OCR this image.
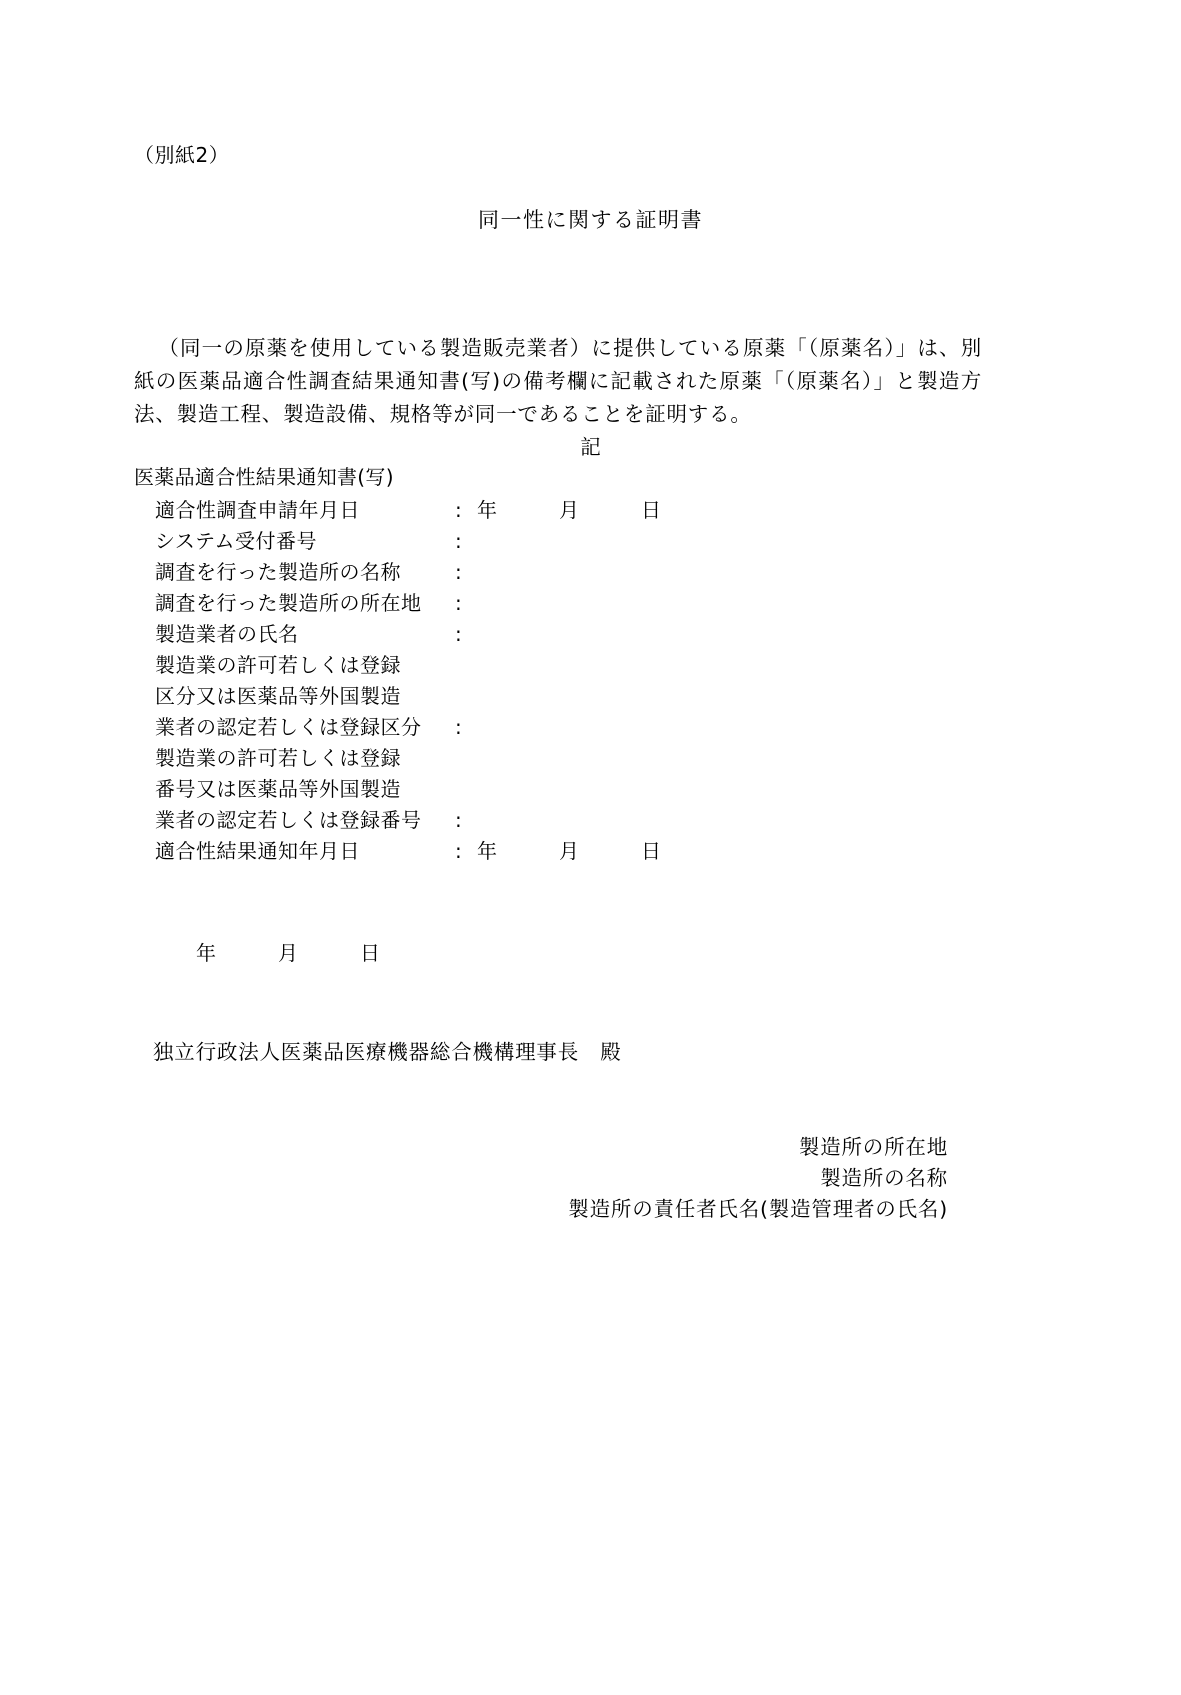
（別紙2）
同一性に関する証明書
（同一の原薬を使用している製造販売業者）に提供している原薬「（原薬名）」は、別紙の医薬品適合性調査結果通知書(写)の備考欄に記載された原薬「（原薬名）」と製造方法、製造工程、製造設備、規格等が同一であることを証明する。
記
医薬品適合性結果通知書(写)
適合性調査申請年月日	: 年　　　月　　　日
システム受付番号	:
調査を行った製造所の名称	:
調査を行った製造所の所在地	:
製造業者の氏名	:
製造業の許可若しくは登録
区分又は医薬品等外国製造
業者の認定若しくは登録区分	:
製造業の許可若しくは登録
番号又は医薬品等外国製造
業者の認定若しくは登録番号	:
適合性結果通知年月日	: 年　　　月　　　日
年　　　月　　　日
独立行政法人医薬品医療機器総合機構理事長　殿
製造所の所在地
製造所の名称
製造所の責任者氏名(製造管理者の氏名)
